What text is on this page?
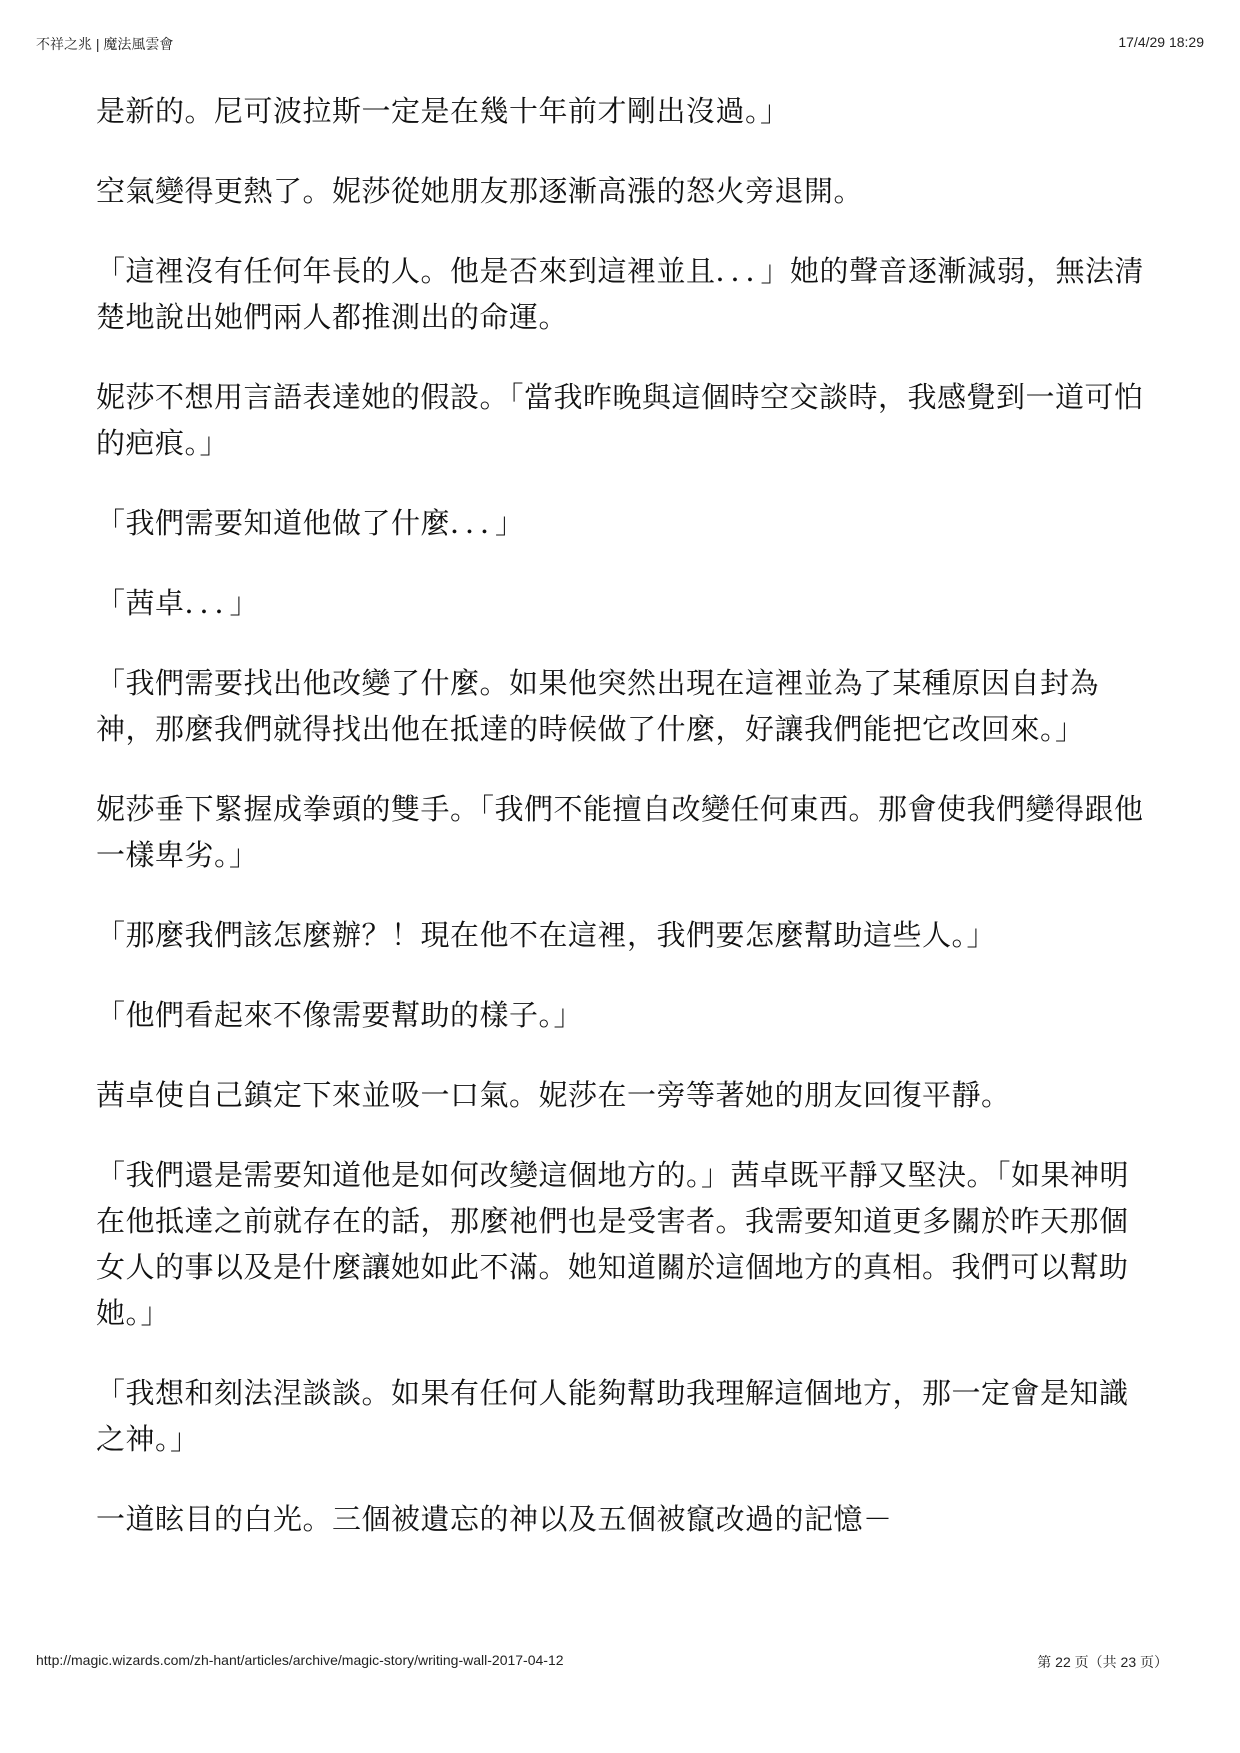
不祥之兆 | 魔法風雲會	17/4/29 18:29

是新的。尼可波拉斯一定是在幾十年前才剛出沒過。」

空氣變得更熱了。妮莎從她朋友那逐漸高漲的怒火旁退開。

「這裡沒有任何年長的人。他是否來到這裡並且．．．」她的聲音逐漸減弱，無法清楚地說出她們兩人都推測出的命運。

妮莎不想用言語表達她的假設。「當我昨晚與這個時空交談時，我感覺到一道可怕的疤痕。」

「我們需要知道他做了什麼．．．」

「茜卓．．．」

「我們需要找出他改變了什麼。如果他突然出現在這裡並為了某種原因自封為神，那麼我們就得找出他在抵達的時候做了什麼，好讓我們能把它改回來。」

妮莎垂下緊握成拳頭的雙手。「我們不能擅自改變任何東西。那會使我們變得跟他一樣卑劣。」

「那麼我們該怎麼辦？！現在他不在這裡，我們要怎麼幫助這些人。」

「他們看起來不像需要幫助的樣子。」

茜卓使自己鎮定下來並吸一口氣。妮莎在一旁等著她的朋友回復平靜。

「我們還是需要知道他是如何改變這個地方的。」茜卓既平靜又堅決。「如果神明在他抵達之前就存在的話，那麼祂們也是受害者。我需要知道更多關於昨天那個女人的事以及是什麼讓她如此不滿。她知道關於這個地方的真相。我們可以幫助她。」

「我想和刻法涅談談。如果有任何人能夠幫助我理解這個地方，那一定會是知識之神。」

一道眩目的白光。三個被遺忘的神以及五個被竄改過的記憶－

http://magic.wizards.com/zh-hant/articles/archive/magic-story/writing-wall-2017-04-12	第 22 页（共 23 页）
